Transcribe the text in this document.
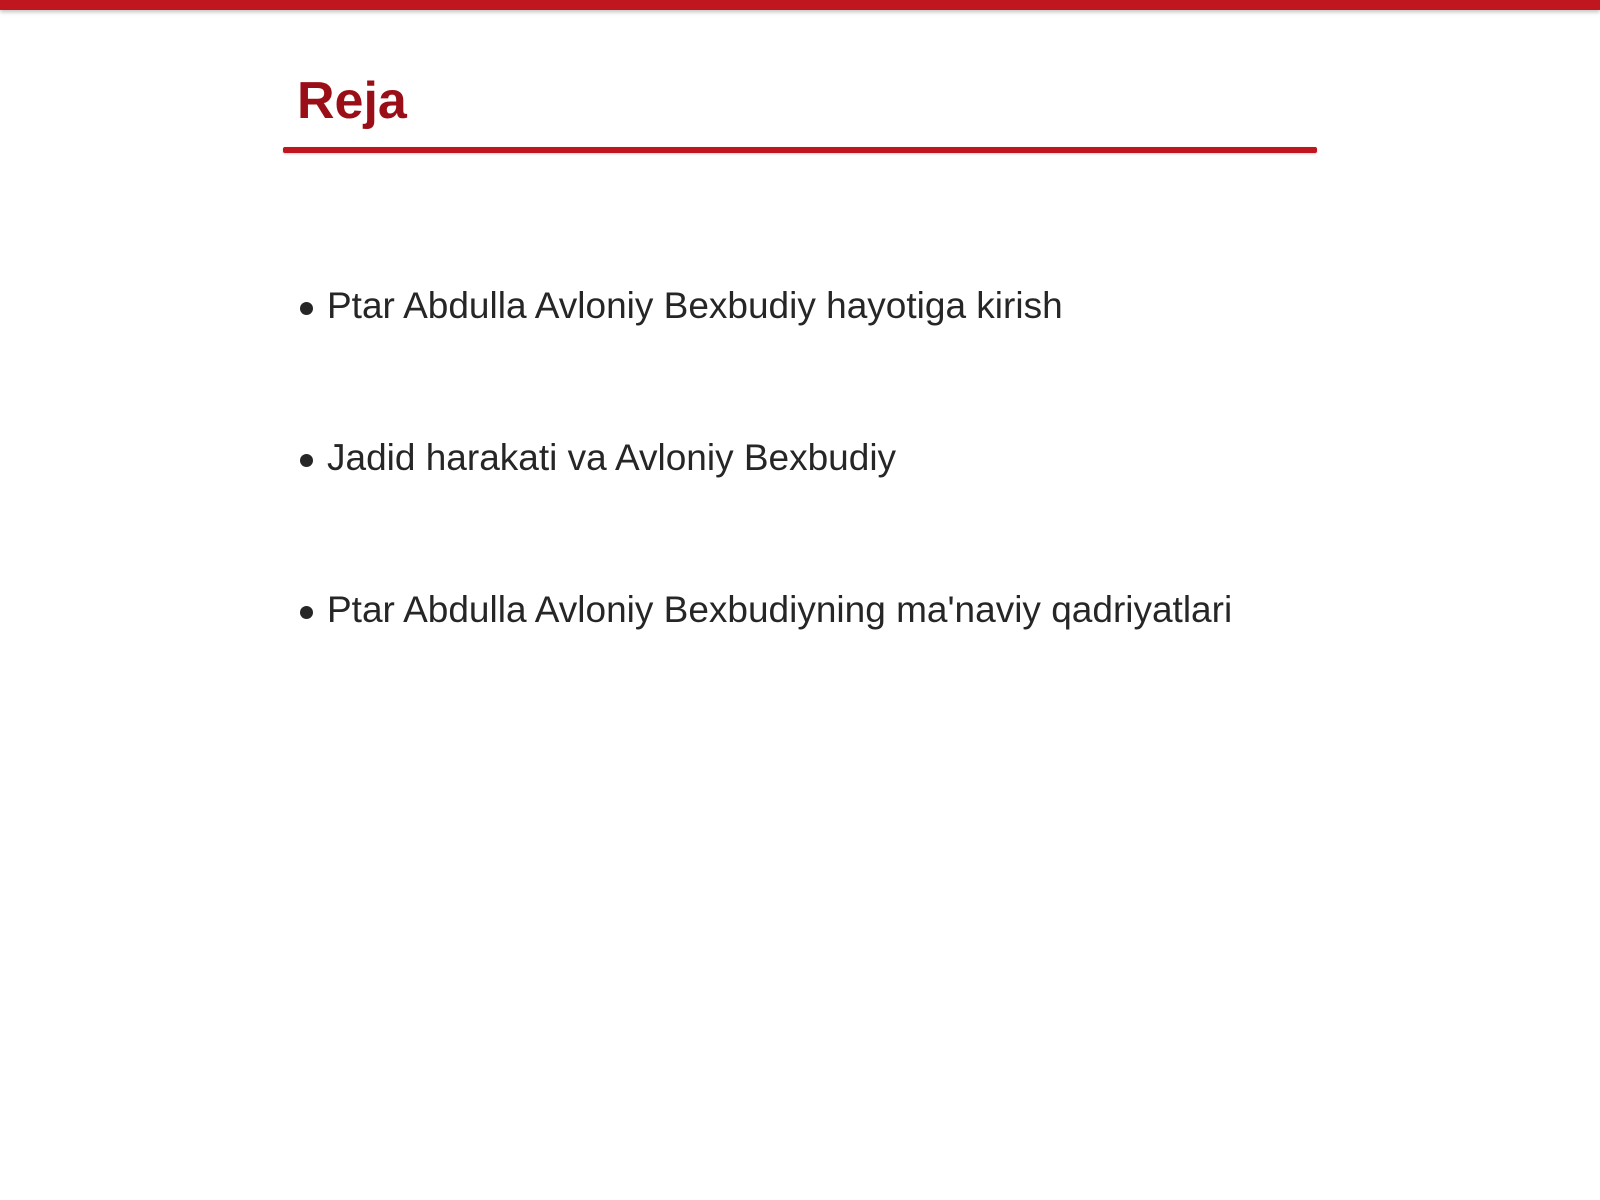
Reja
Ptar Abdulla Avloniy Bexbudiy hayotiga kirish
Jadid harakati va Avloniy Bexbudiy
Ptar Abdulla Avloniy Bexbudiyning ma'naviy qadriyatlari
